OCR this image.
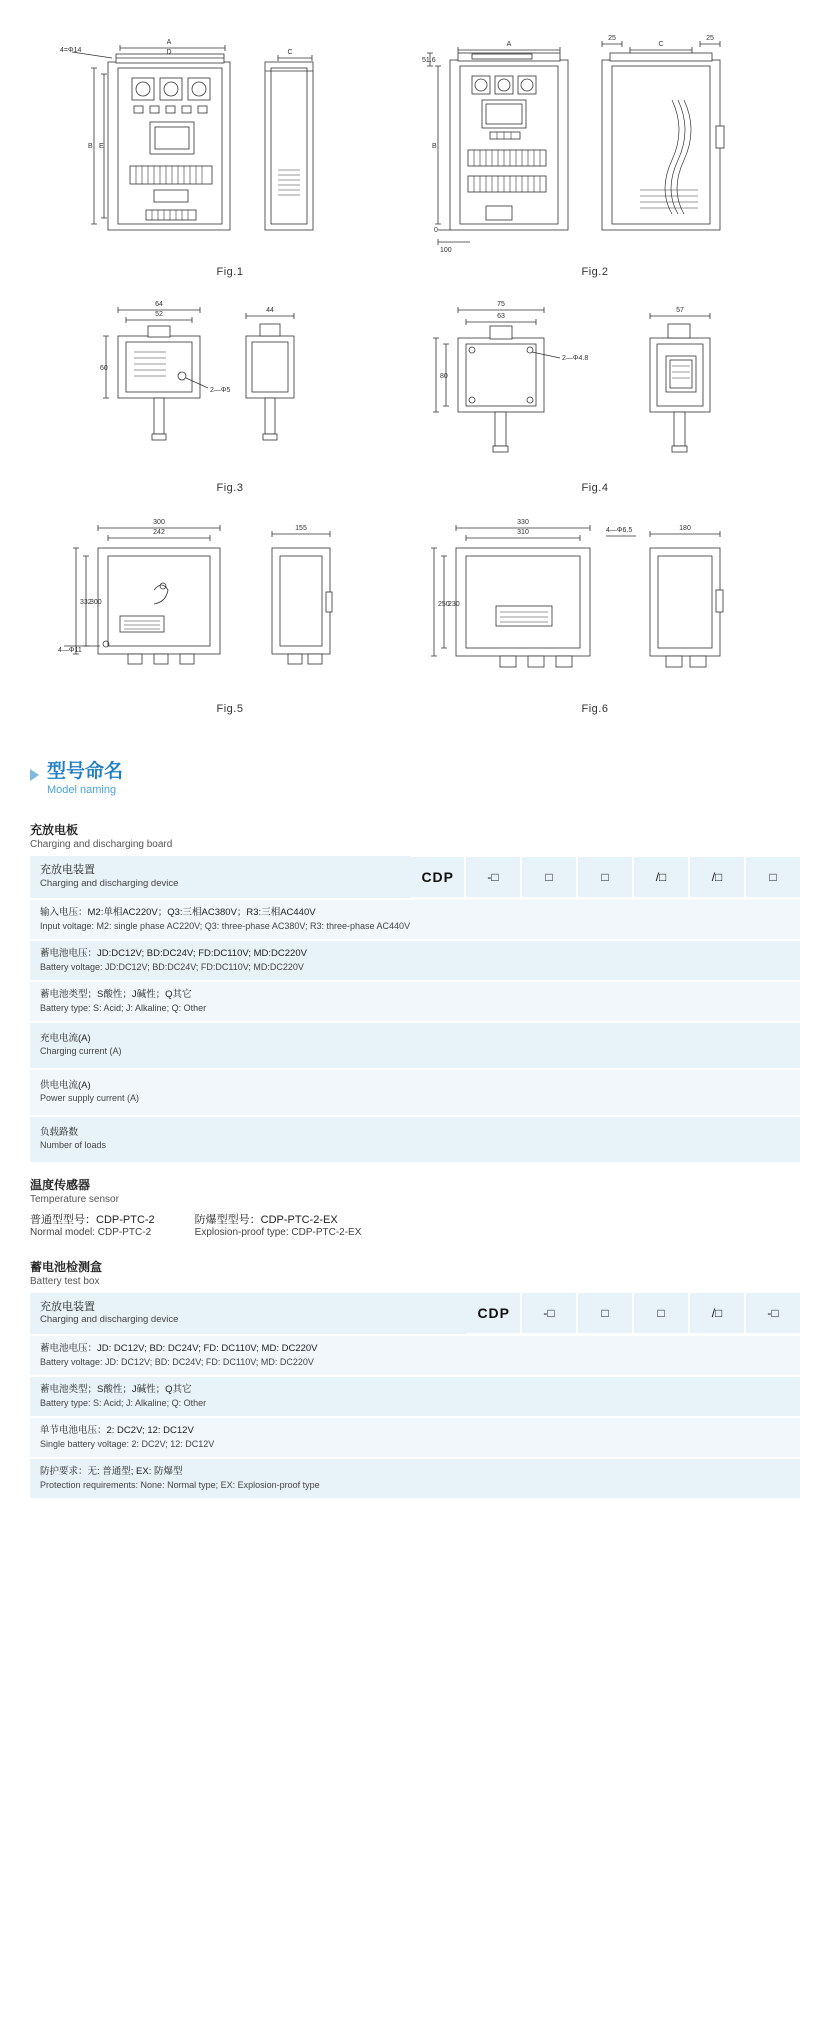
A
D
4=Φ14	C
B E
Fig.1
A
51.6
B
0
100
25	25
C
Fig.2
64
52
60
2—Φ5
44
Fig.3
75
63
80
2—Φ4.8
57
Fig.4
300
242
332
300
4—Φ11
155
Fig.5
330
310
250
230
4—Φ6.5	180
Fig.6
型号命名
Model naming
充放电板
Charging and discharging board
充放电装置
Charging and discharging device	CDP	-□	□	□	/□	/□	□
输入电压：M2:单相AC220V；Q3:三相AC380V；R3:三相AC440V
Input voltage: M2: single phase AC220V; Q3: three-phase AC380V; R3: three-phase AC440V
蓄电池电压：JD:DC12V; BD:DC24V; FD:DC110V; MD:DC220V
Battery voltage: JD:DC12V; BD:DC24V; FD:DC110V; MD:DC220V
蓄电池类型；S酸性；J碱性；Q其它
Battery type: S: Acid; J: Alkaline; Q: Other
充电电流(A)
Charging current (A)
供电电流(A)
Power supply current (A)
负载路数
Number of loads
温度传感器
Temperature sensor
普通型型号：CDP-PTC-2
Normal model: CDP-PTC-2
防爆型型号：CDP-PTC-2-EX
Explosion-proof type: CDP-PTC-2-EX
蓄电池检测盒
Battery test box
充放电装置
Charging and discharging device	CDP	-□	□	□	/□	-□
蓄电池电压：JD: DC12V; BD: DC24V; FD: DC110V; MD: DC220V
Battery voltage: JD: DC12V; BD: DC24V; FD: DC110V; MD: DC220V
蓄电池类型；S酸性；J碱性；Q其它
Battery type: S: Acid; J: Alkaline; Q: Other
单节电池电压：2: DC2V; 12: DC12V
Single battery voltage: 2: DC2V; 12: DC12V
防护要求：无: 普通型; EX: 防爆型
Protection requirements: None: Normal type; EX: Explosion-proof type
